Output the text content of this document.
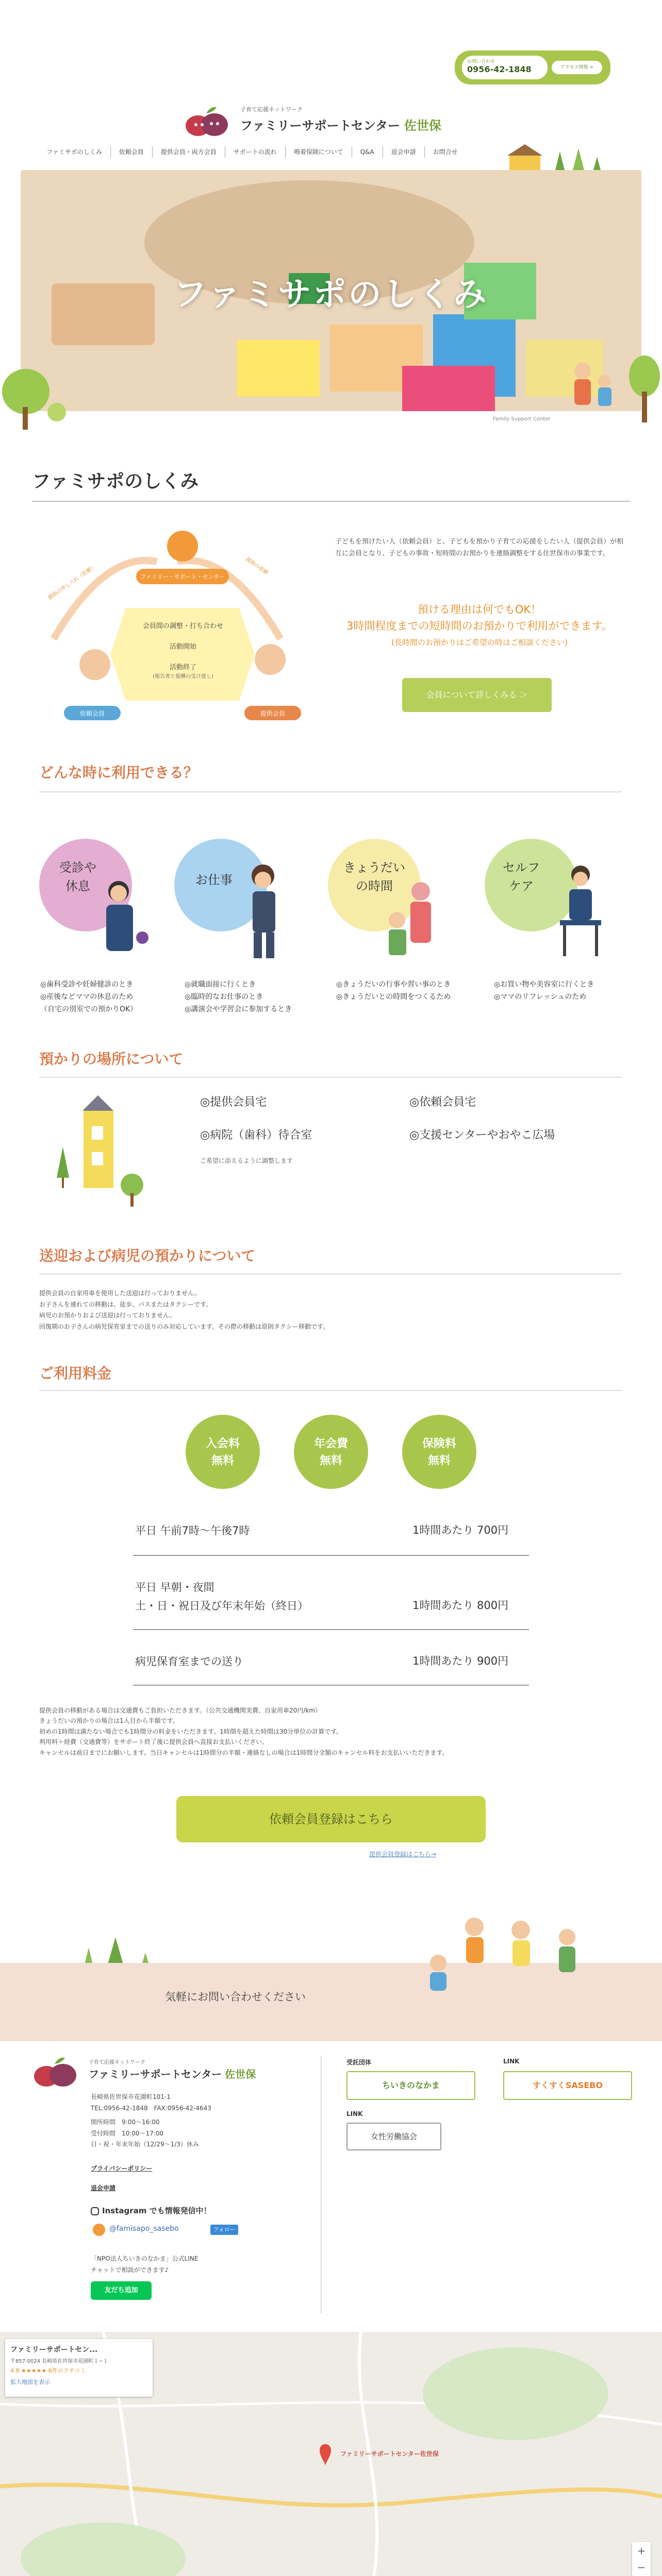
お問い合わせ
0956-42-1848	アクセス情報 >
子育て応援ネットワーク
ファミリーサポートセンター 佐世保
ファミサポのしくみ	依頼会員	提供会員・両方会員	サポートの流れ	鳴着保険について	Q&A	退会申請	お問合せ
ファミサポのしくみ
Family Support Center
ファミサポのしくみ
ファミリー・サポート・センター
会員間の調整・打ち合わせ
活動開始
活動終了
(報告書と報酬の受け渡し)
援助の申し入れ（依頼）	援助の依頼
依頼会員	提供会員
子どもを預けたい人（依頼会員）と、子どもを預かり子育ての応援をしたい人（提供会員）が相互に会員となり、子どもの事故・短時間のお預かりを連絡調整をする住世保市の事業です。
預ける理由は何でもOK！
3時間程度までの短時間のお預かりで利用ができます。
(長時間のお預かりはご希望の時はご相談ください)
会員について詳しくみる ＞
どんな時に利用できる？
受診や
休息
◎歯科受診や妊婦健診のとき
◎産後などママの休息のため
（自宅の別室での預かりOK）
お仕事
◎就職面接に行くとき
◎臨時的なお仕事のとき
◎講演会や学習会に参加するとき
きょうだい
の時間
◎きょうだいの行事や習い事のとき
◎きょうだいとの時間をつくるため
セルフ
ケア
◎お買い物や美容室に行くとき
◎ママのリフレッシュのため
預かりの場所について
◎提供会員宅	◎依頼会員宅
◎病院（歯科）待合室	◎支援センターやおやこ広場
ご希望に添えるように調整します
送迎および病児の預かりについて
提供会員の自家用車を使用した送迎は行っておりません。
お子さんを連れての移動は、徒歩、バスまたはタクシーです。
病児のお預かりおよび送迎は行っておりません。
回復期のお子さんの病児保育室までの送りのみ対応しています。その際の移動は原則タクシー移動です。
ご利用料金
入会料
無料
年会費
無料
保険料
無料
平日 午前7時〜午後7時	1時間あたり 700円
平日 早朝・夜間
土・日・祝日及び年末年始（終日）	1時間あたり 800円
病児保育室までの送り	1時間あたり 900円
提供会員の移動がある場合は交通費もご負担いただきます。（公共交通機関実費、自家用車20円/km）
きょうだいの預かりの場合は1人目から半額です。
初めの1時間は満たない場合でも1時間分の料金をいただきます。1時間を超えた時間は30分単位の計算です。
利用料＋経費（交通費等）をサポート終了後に提供会員へ直接お支払いください。
キャンセルは前日までにお願いします。当日キャンセルは1時間分の半額・連絡なしの場合は1時間分全額のキャンセル料をお支払いいただきます。
依頼会員登録はこちら
提供会員登録はこちら→
気軽にお問い合わせください
子育て応援ネットワーク
ファミリーサポートセンター 佐世保
長崎県佐世保市花園町101-1
TEL:0956-42-1848　FAX:0956-42-4643
開所時間　 9:00〜16:00
受付時間　 10:00〜17:00
日・祝・年末年始（12/29〜1/3）休み
プライバシーポリシー
退会申請
Instagram でも情報発信中！
@famisapo_sasebo	フォロー
「NPO法人ちいきのなかま」公式LINE
チャットで相談ができます♪
友だち追加
受託団体
ちいきのなかま
LINK
すくすくSASEBO
LINK
女性労働協会
ファミリーサポートセンター佐世保
ファミリーサポートセン...
〒857-0024 長崎県佐世保市花園町１−１
4.8 ★★★★★ 6件のクチコミ
拡大地図を表示
+
−
